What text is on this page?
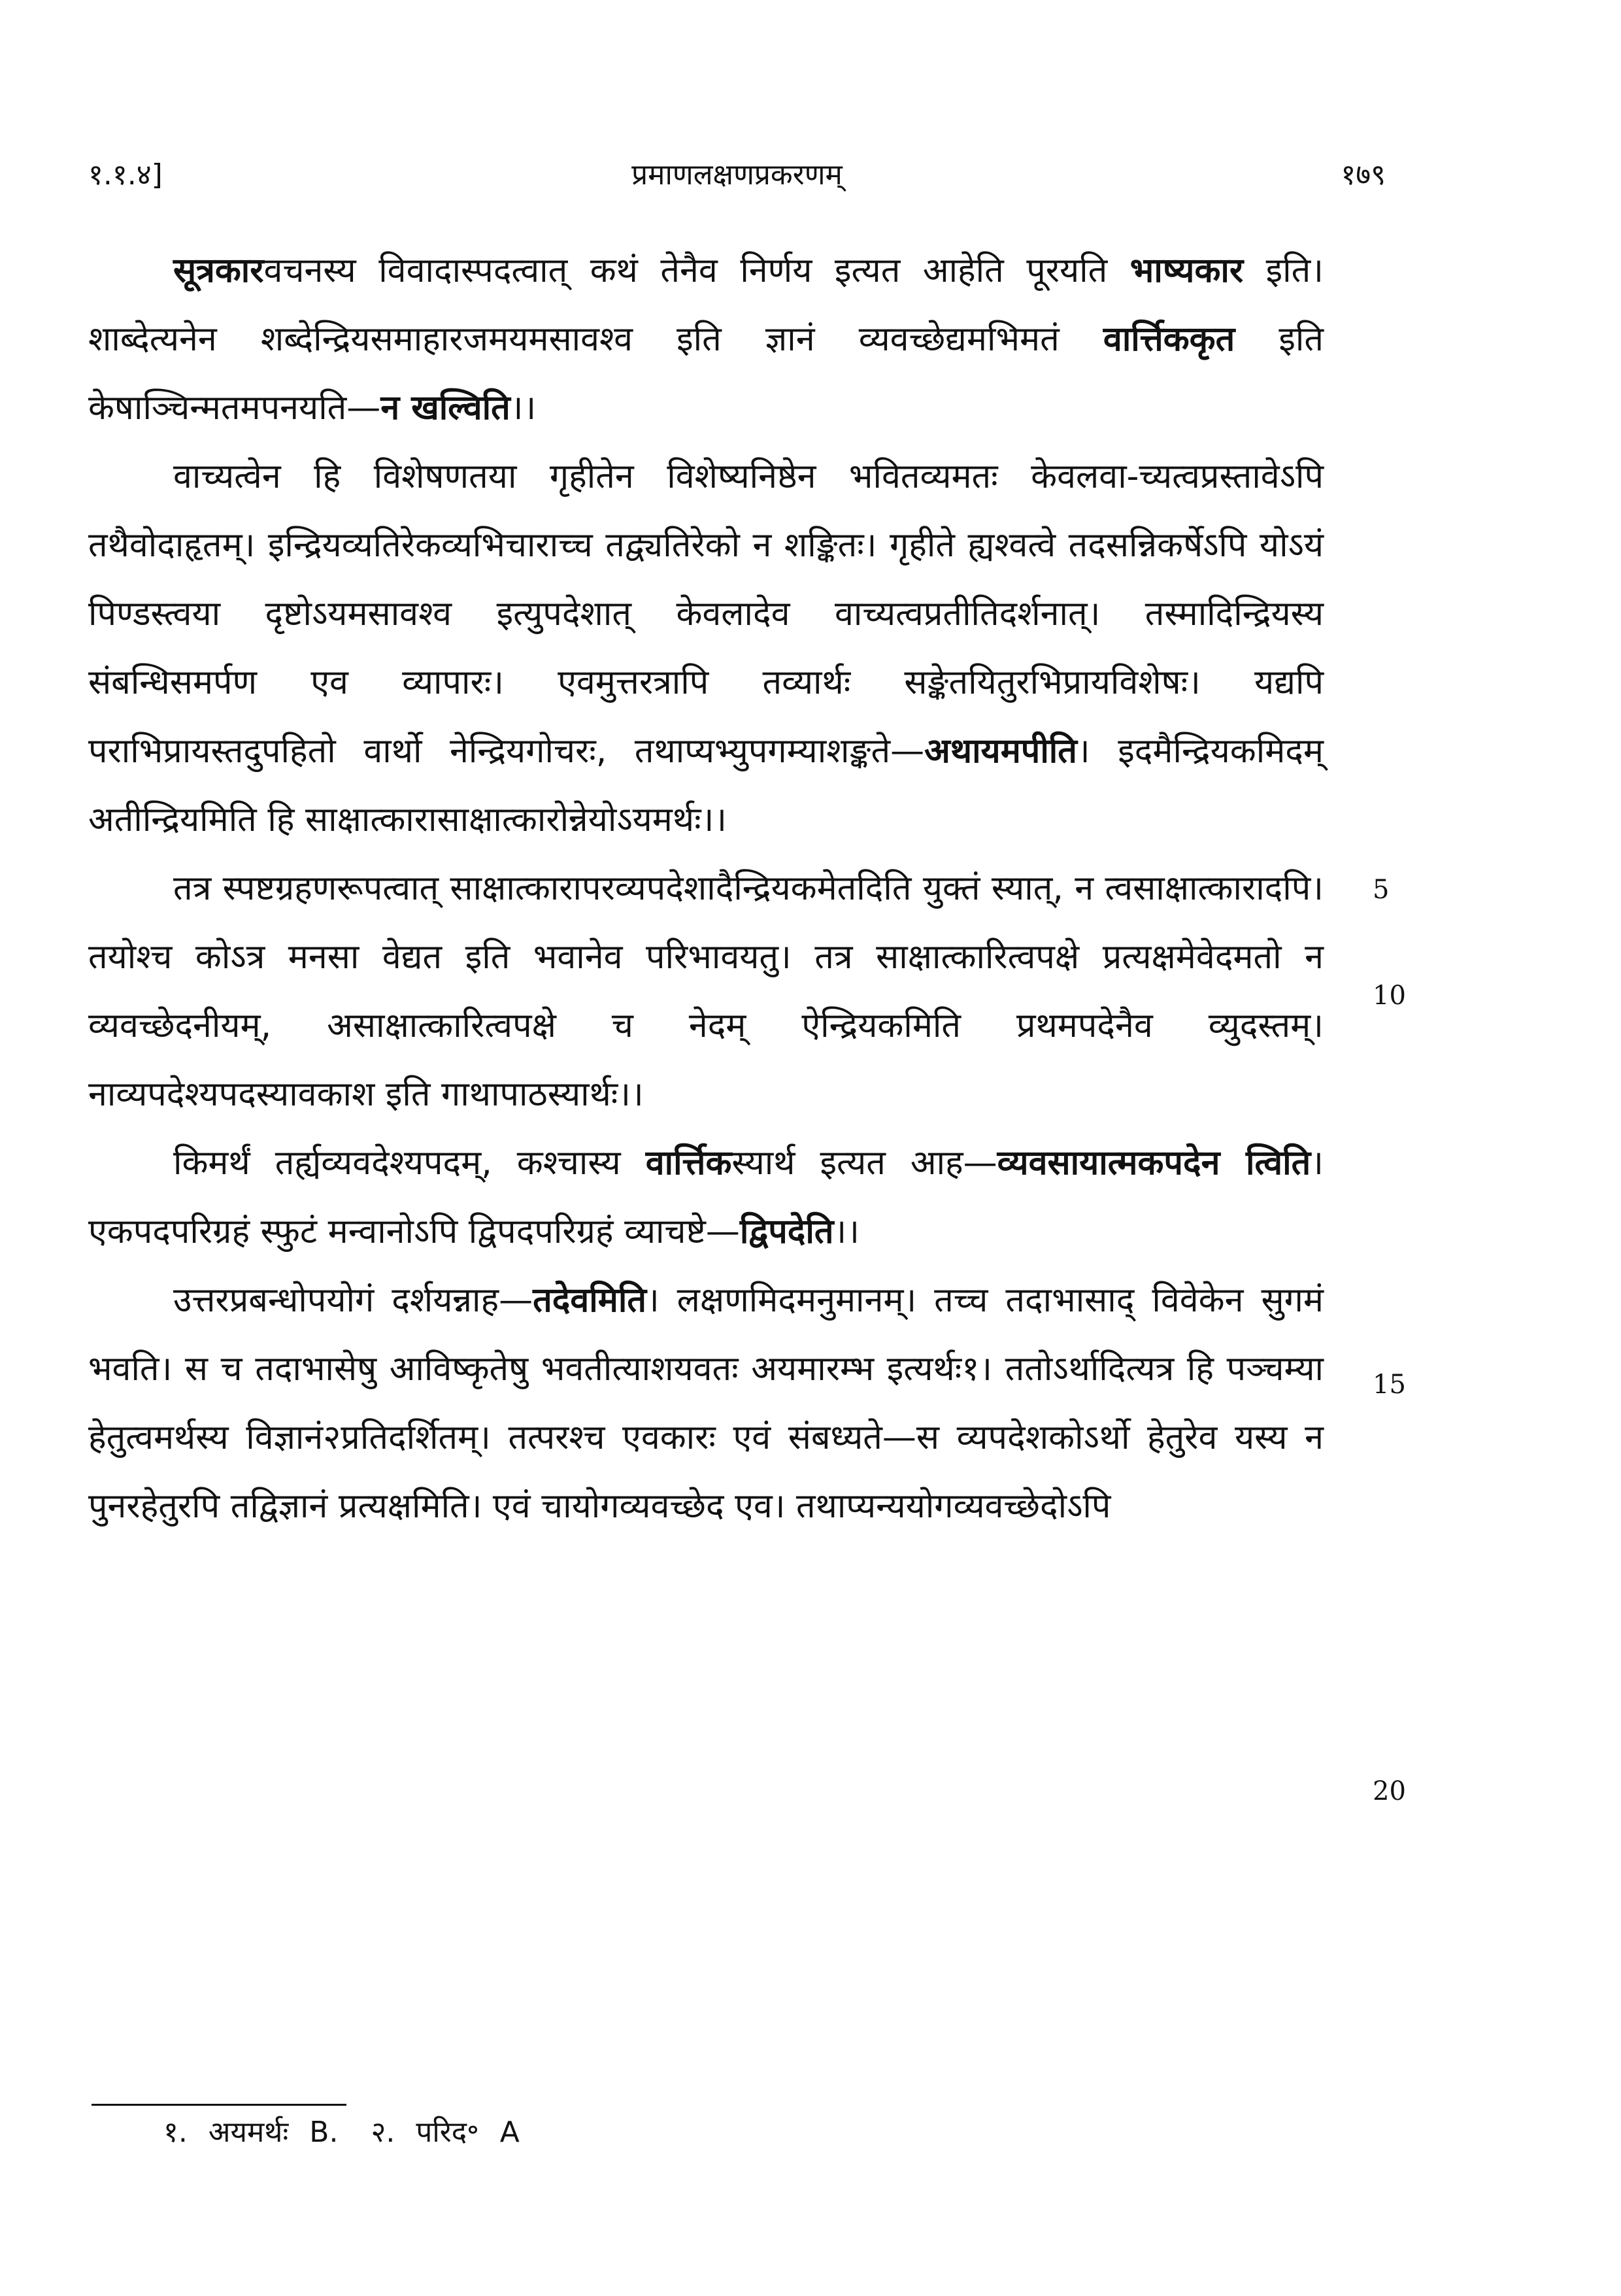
१.१.४]	प्रमाणलक्षणप्रकरणम्	१७९

सूत्रकारवचनस्य विवादास्पदत्वात् कथं तेनैव निर्णय इत्यत आहेति पूरयति भाष्यकार इति। शाब्देत्यनेन शब्देन्द्रियसमाहारजमयमसावश्व इति ज्ञानं व्यवच्छेद्यमभिमतं वार्त्तिककृत इति केषाञ्चिन्मतमपनयति—न खल्विति।।

वाच्यत्वेन हि विशेषणतया गृहीतेन विशेष्यनिष्ठेन भवितव्यमतः केवलवा-च्यत्वप्रस्तावेऽपि तथैवोदाहृतम्। इन्द्रियव्यतिरेकव्यभिचाराच्च तद्व्यतिरेको न शङ्कितः। गृहीते ह्यश्वत्वे तदसन्निकर्षेऽपि योऽयं पिण्डस्त्वया दृष्टोऽयमसावश्व इत्युपदेशात् केवलादेव वाच्यत्वप्रतीतिदर्शनात्। तस्मादिन्द्रियस्य संबन्धिसमर्पण एव व्यापारः। एवमुत्तरत्रापि तव्यार्थः सङ्केतयितुरभिप्रायविशेषः। यद्यपि पराभिप्रायस्तदुपहितो वार्थो नेन्द्रियगोचरः, तथाप्यभ्युपगम्याशङ्कते—अथायमपीति। इदमैन्द्रियकमिदम् अतीन्द्रियमिति हि साक्षात्कारासाक्षात्कारोन्नेयोऽयमर्थः।।

तत्र स्पष्टग्रहणरूपत्वात् साक्षात्कारापरव्यपदेशादैन्द्रियकमेतदिति युक्तं स्यात्, न त्वसाक्षात्कारादपि। तयोश्च कोऽत्र मनसा वेद्यत इति भवानेव परिभावयतु। तत्र साक्षात्कारित्वपक्षे प्रत्यक्षमेवेदमतो न व्यवच्छेदनीयम्, असाक्षात्कारित्वपक्षे च नेदम् ऐन्द्रियकमिति प्रथमपदेनैव व्युदस्तम्। नाव्यपदेश्यपदस्यावकाश इति गाथापाठस्यार्थः।।

किमर्थं तर्ह्यव्यवदेश्यपदम्, कश्चास्य वार्त्तिकस्यार्थ इत्यत आह—व्यवसायात्मकपदेन त्विति। एकपदपरिग्रहं स्फुटं मन्वानोऽपि द्विपदपरिग्रहं व्याचष्टे—द्विपदेति।।

उत्तरप्रबन्धोपयोगं दर्शयन्नाह—तदेवमिति। लक्षणमिदमनुमानम्। तच्च तदाभासाद् विवेकेन सुगमं भवति। स च तदाभासेषु आविष्कृतेषु भवतीत्याशयवतः अयमारम्भ इत्यर्थः१। ततोऽर्थादित्यत्र हि पञ्चम्या हेतुत्वमर्थस्य विज्ञानं२प्रतिदर्शितम्। तत्परश्च एवकारः एवं संबध्यते—स व्यपदेशकोऽर्थो हेतुरेव यस्य न पुनरहेतुरपि तद्विज्ञानं प्रत्यक्षमिति। एवं चायोगव्यवच्छेद एव। तथाप्यन्ययोगव्यवच्छेदोऽपि

5
10
15
20
१. अयमर्थः B. २. परिद॰ A
